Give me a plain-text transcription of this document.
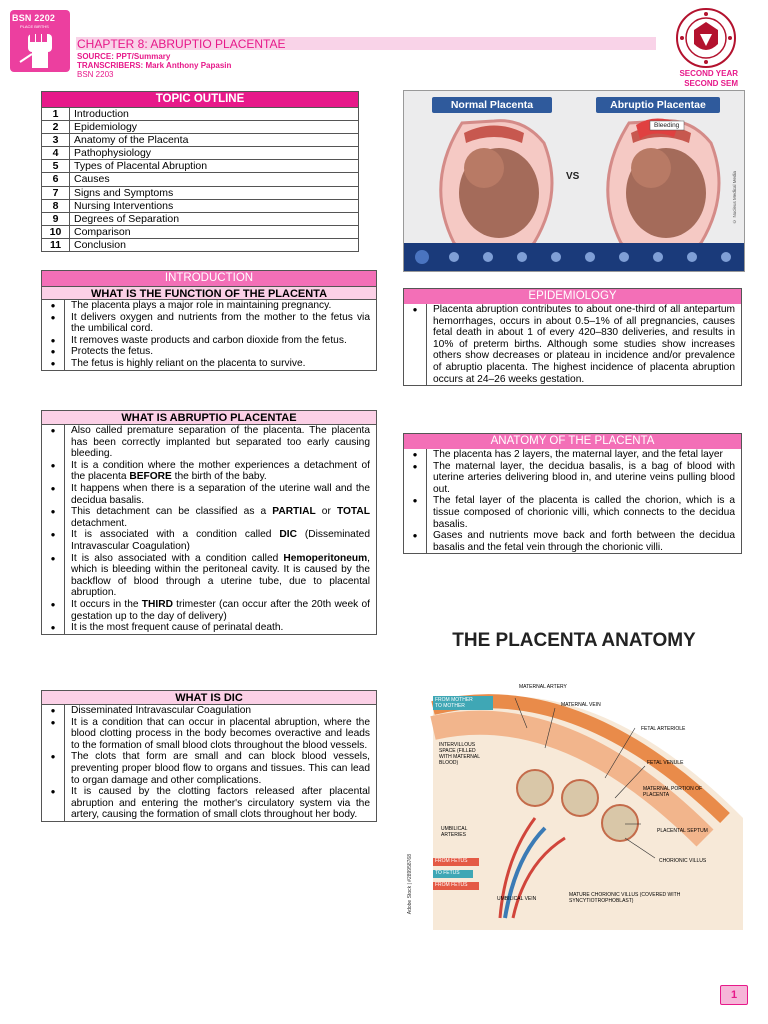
BSN 2202
PLACE BIRTHS
CHAPTER 8: ABRUPTIO PLACENTAE
SOURCE: PPT/Summary
TRANSCRIBERS: Mark Anthony Papasin
BSN 2203	SECOND YEAR
SECOND SEM
TOPIC OUTLINE
1	Introduction
2	Epidemiology
3	Anatomy of the Placenta
4	Pathophysiology
5	Types of Placental Abruption
6	Causes
7	Signs and Symptoms
8	Nursing Interventions
9	Degrees of Separation
10	Comparison
11	Conclusion
INTRODUCTION
WHAT IS THE FUNCTION OF THE PLACENTA
●	The placenta plays a major role in maintaining pregnancy.
●	It delivers oxygen and nutrients from the mother to the fetus via the umbilical cord.
●	It removes waste products and carbon dioxide from the fetus.
●	Protects the fetus.
●	The fetus is highly reliant on the placenta to survive.
WHAT IS ABRUPTIO PLACENTAE
●	Also called premature separation of the placenta. The placenta has been correctly implanted but separated too early causing bleeding.
●	It is a condition where the mother experiences a detachment of the placenta BEFORE the birth of the baby.
●	It happens when there is a separation of the uterine wall and the decidua basalis.
●	This detachment can be classified as a PARTIAL or TOTAL detachment.
●	It is associated with a condition called DIC (Disseminated Intravascular Coagulation)
●	It is also associated with a condition called Hemoperitoneum, which is bleeding within the peritoneal cavity. It is caused by the backflow of blood through a uterine tube, due to placental abruption.
●	It occurs in the THIRD trimester (can occur after the 20th week of gestation up to the day of delivery)
●	It is the most frequent cause of perinatal death.
WHAT IS DIC
●	Disseminated Intravascular Coagulation
●	It is a condition that can occur in placental abruption, where the blood clotting process in the body becomes overactive and leads to the formation of small blood clots throughout the blood vessels.
●	The clots that form are small and can block blood vessels, preventing proper blood flow to organs and tissues. This can lead to organ damage and other complications.
●	It is caused by the clotting factors released after placental abruption and entering the mother's circulatory system via the artery, causing the formation of small clots throughout her body.
Normal Placenta	Abruptio Placentae
Bleeding
VS	© Nucleus Medical Media
EPIDEMIOLOGY
●	Placenta abruption contributes to about one-third of all antepartum hemorrhages, occurs in about 0.5–1% of all pregnancies, causes fetal death in about 1 of every 420–830 deliveries, and results in 10% of preterm births. Although some studies show increases others show decreases or plateau in incidence and/or prevalence of abruptio placenta. The highest incidence of placenta abruption occurs at 24–26 weeks gestation.
ANATOMY OF THE PLACENTA
●	The placenta has 2 layers, the maternal layer, and the fetal layer
●	The maternal layer, the decidua basalis, is a bag of blood with uterine arteries delivering blood in, and uterine veins pulling blood out.
●	The fetal layer of the placenta is called the chorion, which is a tissue composed of chorionic villi, which connects to the decidua basalis.
●	Gases and nutrients move back and forth between the decidua basalis and the fetal vein through the chorionic villi.
THE PLACENTA ANATOMY
MATERNAL ARTERY
MATERNAL VEIN
FETAL ARTERIOLE
FETAL VENULE
INTERVILLOUS SPACE (FILLED WITH MATERNAL BLOOD)
MATERNAL PORTION OF PLACENTA
PLACENTAL SEPTUM
UMBILICAL ARTERIES
CHORIONIC VILLUS
UMBILICAL VEIN
MATURE CHORIONIC VILLUS (COVERED WITH SYNCYTIOTROPHOBLAST)
FROM MOTHER
TO MOTHER
FROM FETUS
TO FETUS
FROM FETUS
Adobe Stock | #289958768
1
